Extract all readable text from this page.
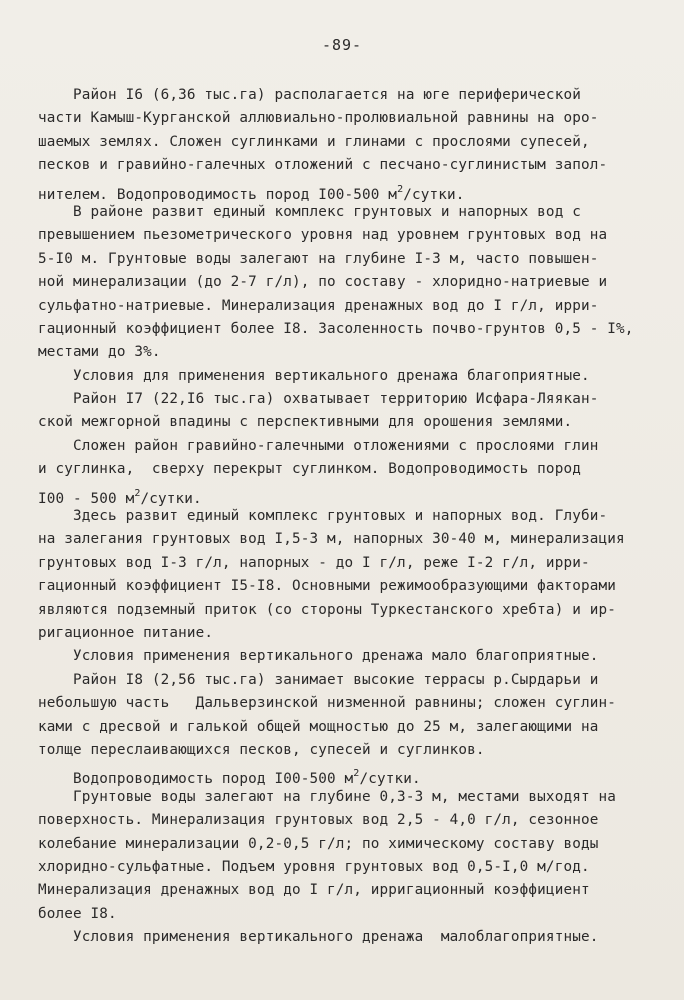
-89-
Район I6 (6,36 тыс.га) располагается на юге периферической
части Камыш-Курганской аллювиально-пролювиальной равнины на оро-
шаемых землях. Сложен суглинками и глинами с прослоями супесей,
песков и гравийно-галечных отложений с песчано-суглинистым запол-
нителем. Водопроводимость пород I00-500 $м^2$/сутки.
В районе развит единый комплекс грунтовых и напорных вод с
превышением пьезометрического уровня над уровнем грунтовых вод на
5-I0 м. Грунтовые воды залегают на глубине I-3 м, часто повышен-
ной минерализации (до 2-7 г/л), по составу - хлоридно-натриевые и
сульфатно-натриевые. Минерализация дренажных вод до I г/л, ирри-
гационный коэффициент более I8. Засоленность почво-грунтов 0,5 - I%,
местами до 3%.
Условия для применения вертикального дренажа благоприятные.
Район I7 (22,I6 тыс.га) охватывает территорию Исфара-Ляякан-
ской межгорной впадины с перспективными для орошения землями.
Сложен район гравийно-галечными отложениями с прослоями глин
и суглинка,  сверху перекрыт суглинком. Водопроводимость пород
I00 - 500 $м^2$/сутки.
Здесь развит единый комплекс грунтовых и напорных вод. Глуби-
на залегания грунтовых вод I,5-3 м, напорных 30-40 м, минерализация
грунтовых вод I-3 г/л, напорных - до I г/л, реже I-2 г/л, ирри-
гационный коэффициент I5-I8. Основными режимообразующими факторами
являются подземный приток (со стороны Туркестанского хребта) и ир-
ригационное питание.
Условия применения вертикального дренажа мало благоприятные.
Район I8 (2,56 тыс.га) занимает высокие террасы р.Сырдарьи и
небольшую часть   Дальверзинской низменной равнины; сложен суглин-
ками с дресвой и галькой общей мощностью до 25 м, залегающими на
толще переслаивающихся песков, супесей и суглинков.
Водопроводимость пород I00-500 $м^2$/сутки.
Грунтовые воды залегают на глубине 0,3-3 м, местами выходят на
поверхность. Минерализация грунтовых вод 2,5 - 4,0 г/л, сезонное
колебание минерализации 0,2-0,5 г/л; по химическому составу воды
хлоридно-сульфатные. Подъем уровня грунтовых вод 0,5-I,0 м/год.
Минерализация дренажных вод до I г/л, ирригационный коэффициент
более I8.
Условия применения вертикального дренажа  малоблагоприятные.
